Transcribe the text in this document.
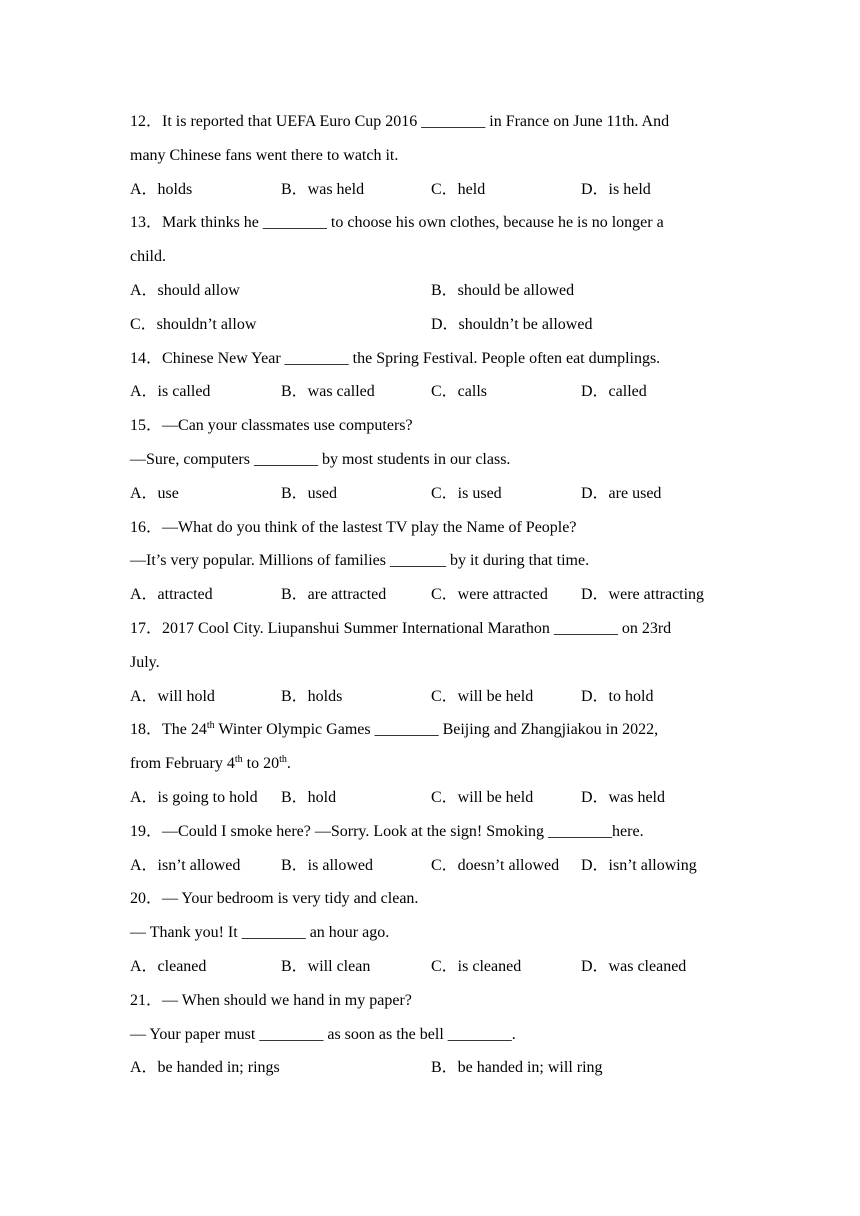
12．It is reported that UEFA Euro Cup 2016 ________ in France on June 11th. And
many Chinese fans went there to watch it.
A．holds	B．was held	C．held	D．is held
13．Mark thinks he ________ to choose his own clothes, because he is no longer a
child.
A．should allow	B．should be allowed
C．shouldn’t allow	D．shouldn’t be allowed
14．Chinese New Year ________ the Spring Festival. People often eat dumplings.
A．is called	B．was called	C．calls	D．called
15．—Can your classmates use computers?
—Sure, computers ________ by most students in our class.
A．use	B．used	C．is used	D．are used
16．—What do you think of the lastest TV play the Name of People?
—It’s very popular. Millions of families _______ by it during that time.
A．attracted	B．are attracted	C．were attracted D．were attracting
17．2017 Cool City. Liupanshui Summer International Marathon ________ on 23rd
July.
A．will hold	B．holds	C．will be held	D．to hold
18．The 24th Winter Olympic Games ________ Beijing and Zhangjiakou in 2022,
from February 4th to 20th.
A．is going to hold B．hold	C．will be held	D．was held
19．—Could I smoke here? —Sorry. Look at the sign! Smoking ________here.
A．isn’t allowed	B．is allowed	C．doesn’t allowed D．isn’t allowing
20．— Your bedroom is very tidy and clean.
— Thank you! It ________ an hour ago.
A．cleaned	B．will clean	C．is cleaned	D．was cleaned
21．— When should we hand in my paper?
— Your paper must ________ as soon as the bell ________.
A．be handed in; rings	B．be handed in; will ring
